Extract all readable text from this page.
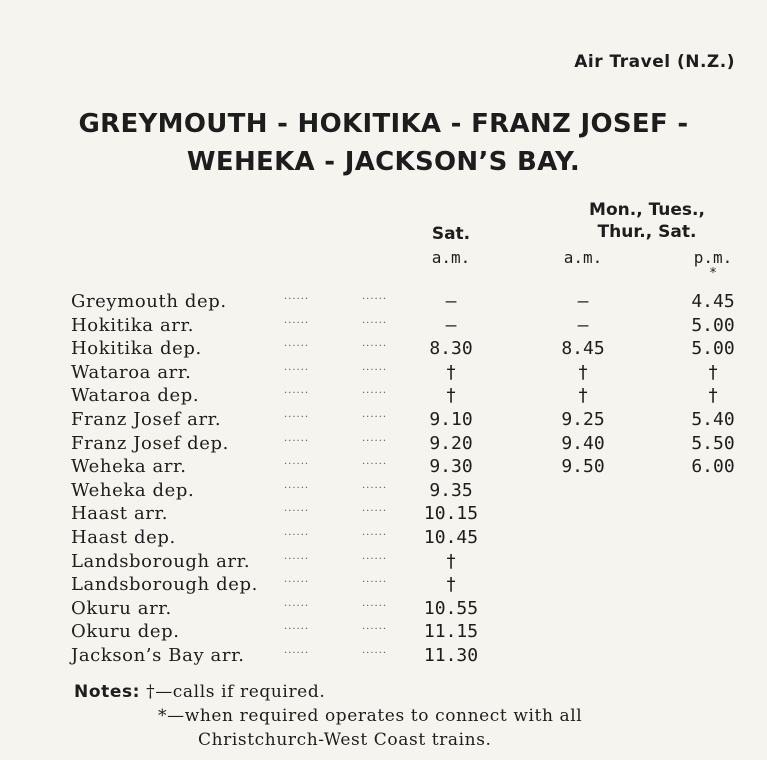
Air Travel (N.Z.)
GREYMOUTH - HOKITIKA - FRANZ JOSEF -
WEHEKA - JACKSON’S BAY.
Sat.
Mon., Tues.,
Thur., Sat.
a.m.	a.m.	p.m.
*
Greymouth dep.	......	......	—	—	4.45
Hokitika arr.	......	......	—	—	5.00
Hokitika dep.	......	......	8.30	8.45	5.00
Wataroa arr.	......	......	†	†	†
Wataroa dep.	......	......	†	†	†
Franz Josef arr.	......	......	9.10	9.25	5.40
Franz Josef dep.	......	......	9.20	9.40	5.50
Weheka arr.	......	......	9.30	9.50	6.00
Weheka dep.	......	......	9.35
Haast arr.	......	......	10.15
Haast dep.	......	......	10.45
Landsborough arr.	......	......	†
Landsborough dep.	......	......	†
Okuru arr.	......	......	10.55
Okuru dep.	......	......	11.15
Jackson’s Bay arr.	......	......	11.30
Notes: †—calls if required.
*—when required operates to connect with all
Christchurch-West Coast trains.
